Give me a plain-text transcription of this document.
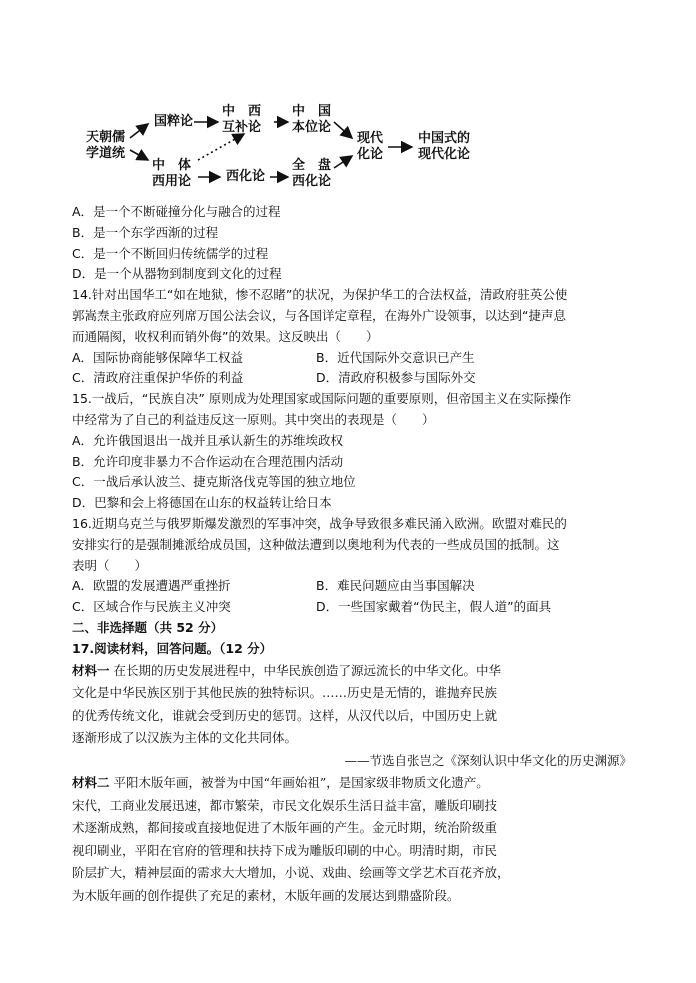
天朝儒
学道统
国粹论
中　西
互补论
中　国
本位论
中　体
西用论	西化论
全　盘
西化论
现代
化论
中国式的
现代化论
A．是一个不断碰撞分化与融合的过程
B．是一个东学西渐的过程
C．是一个不断回归传统儒学的过程
D．是一个从器物到制度到文化的过程
14.针对出国华工“如在地狱，惨不忍睹”的状况，为保护华工的合法权益，清政府驻英公使
郭嵩焘主张政府应列席万国公法会议，与各国详定章程，在海外广设领事，以达到“捷声息
而通隔阂，收权利而销外侮”的效果。这反映出（　　）
A．国际协商能够保障华工权益	B．近代国际外交意识已产生
C．清政府注重保护华侨的利益	D．清政府积极参与国际外交
15.一战后，“民族自决” 原则成为处理国家或国际问题的重要原则，但帝国主义在实际操作
中经常为了自己的利益违反这一原则。其中突出的表现是（　　）
A．允许俄国退出一战并且承认新生的苏维埃政权
B．允许印度非暴力不合作运动在合理范围内活动
C．一战后承认波兰、捷克斯洛伐克等国的独立地位
D．巴黎和会上将德国在山东的权益转让给日本
16.近期乌克兰与俄罗斯爆发激烈的军事冲突，战争导致很多难民涌入欧洲。欧盟对难民的
安排实行的是强制摊派给成员国，这种做法遭到以奥地利为代表的一些成员国的抵制。这
表明（　　）
A．欧盟的发展遭遇严重挫折	B．难民问题应由当事国解决
C．区域合作与民族主义冲突	D．一些国家戴着“伪民主，假人道”的面具
二、非选择题（共 52 分）
17.阅读材料，回答问题。（12 分）
材料一 在长期的历史发展进程中，中华民族创造了源远流长的中华文化。中华
文化是中华民族区别于其他民族的独特标识。……历史是无情的，谁抛弃民族
的优秀传统文化，谁就会受到历史的惩罚。这样，从汉代以后，中国历史上就
逐渐形成了以汉族为主体的文化共同体。
——节选自张岂之《深刻认识中华文化的历史渊源》
材料二 平阳木版年画，被誉为中国“年画始祖”，是国家级非物质文化遗产。
宋代，工商业发展迅速，都市繁荣，市民文化娱乐生活日益丰富，雕版印刷技
术逐渐成熟，都间接或直接地促进了木版年画的产生。金元时期，统治阶级重
视印刷业，平阳在官府的管理和扶持下成为雕版印刷的中心。明清时期，市民
阶层扩大，精神层面的需求大大增加，小说、戏曲、绘画等文学艺术百花齐放，
为木版年画的创作提供了充足的素材，木版年画的发展达到鼎盛阶段。
